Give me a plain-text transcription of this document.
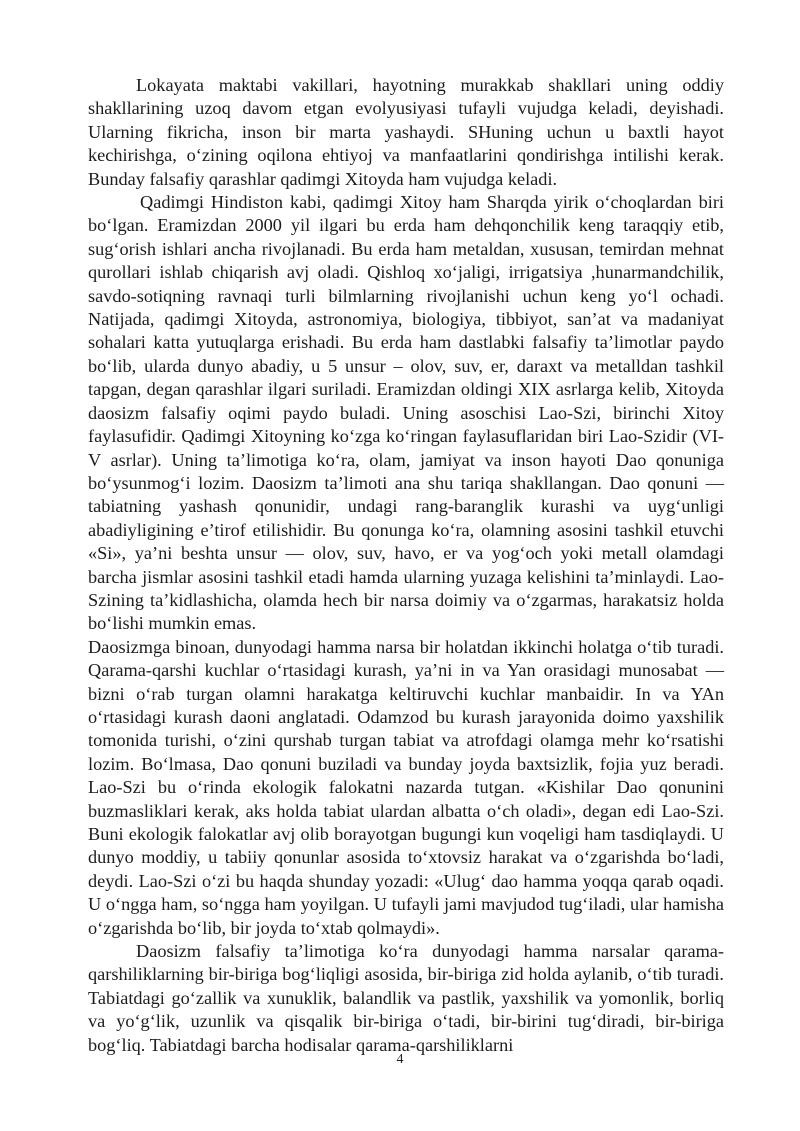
Lokayata maktabi vakillari, hayotning murakkab shakllari uning oddiy shakllarining uzoq davom etgan evolyusiyasi tufayli vujudga keladi, deyishadi. Ularning fikricha, inson bir marta yashaydi. SHuning uchun u baxtli hayot kechirishga, o‘zining oqilona ehtiyoj va manfaatlarini qondirishga intilishi kerak. Bunday falsafiy qarashlar qadimgi Xitoyda ham vujudga keladi.

Qadimgi Hindiston kabi, qadimgi Xitoy ham Sharqda yirik o‘choqlardan biri bo‘lgan. Eramizdan 2000 yil ilgari bu erda ham dehqonchilik keng taraqqiy etib, sug‘orish ishlari ancha rivojlanadi. Bu erda ham metaldan, xususan, temirdan mehnat qurollari ishlab chiqarish avj oladi. Qishloq xo‘jaligi, irrigatsiya ,hunarmandchilik, savdo-sotiqning ravnaqi turli bilmlarning rivojlanishi uchun keng yo‘l ochadi. Natijada, qadimgi Xitoyda, astronomiya, biologiya, tibbiyot, san’at va madaniyat sohalari katta yutuqlarga erishadi. Bu erda ham dastlabki falsafiy ta’limotlar paydo bo‘lib, ularda dunyo abadiy, u 5 unsur – olov, suv, er, daraxt va metalldan tashkil tapgan, degan qarashlar ilgari suriladi. Eramizdan oldingi XIX asrlarga kelib, Xitoyda daosizm falsafiy oqimi paydo buladi. Uning asoschisi Lao-Szi, birinchi Xitoy faylasufidir. Qadimgi Xitoyning ko‘zga ko‘ringan faylasuflaridan biri Lao-Szidir (VI-V asrlar). Uning ta’limotiga ko‘ra, olam, jamiyat va inson hayoti Dao qonuniga bo‘ysunmog‘i lozim. Daosizm ta’limoti ana shu tariqa shakllangan. Dao qonuni — tabiatning yashash qonunidir, undagi rang-baranglik kurashi va uyg‘unligi abadiyligining e’tirof etilishidir. Bu qonunga ko‘ra, olamning asosini tashkil etuvchi «Si», ya’ni beshta unsur — olov, suv, havo, er va yog‘och yoki metall olamdagi barcha jismlar asosini tashkil etadi hamda ularning yuzaga kelishini ta’minlaydi. Lao-Szining ta’kidlashicha, olamda hech bir narsa doimiy va o‘zgarmas, harakatsiz holda bo‘lishi mumkin emas.

Daosizmga binoan, dunyodagi hamma narsa bir holatdan ikkinchi holatga o‘tib turadi. Qarama-qarshi kuchlar o‘rtasidagi kurash, ya’ni in va Yan orasidagi munosabat — bizni o‘rab turgan olamni harakatga keltiruvchi kuchlar manbaidir. In va YAn o‘rtasidagi kurash daoni anglatadi. Odamzod bu kurash jarayonida doimo yaxshilik tomonida turishi, o‘zini qurshab turgan tabiat va atrofdagi olamga mehr ko‘rsatishi lozim. Bo‘lmasa, Dao qonuni buziladi va bunday joyda baxtsizlik, fojia yuz beradi. Lao-Szi bu o‘rinda ekologik falokatni nazarda tutgan. «Kishilar Dao qonunini buzmasliklari kerak, aks holda tabiat ulardan albatta o‘ch oladi», degan edi Lao-Szi. Buni ekologik falokatlar avj olib borayotgan bugungi kun voqeligi ham tasdiqlaydi. U dunyo moddiy, u tabiiy qonunlar asosida to‘xtovsiz harakat va o‘zgarishda bo‘ladi, deydi. Lao-Szi o‘zi bu haqda shunday yozadi: «Ulug‘ dao hamma yoqqa qarab oqadi. U o‘ngga ham, so‘ngga ham yoyilgan. U tufayli jami mavjudod tug‘iladi, ular hamisha o‘zgarishda bo‘lib, bir joyda to‘xtab qolmaydi».

Daosizm falsafiy ta’limotiga ko‘ra dunyodagi hamma narsalar qarama-qarshiliklarning bir-biriga bog‘liqligi asosida, bir-biriga zid holda aylanib, o‘tib turadi. Tabiatdagi go‘zallik va xunuklik, balandlik va pastlik, yaxshilik va yomonlik, borliq va yo‘g‘lik, uzunlik va qisqalik bir-biriga o‘tadi, bir-birini tug‘diradi, bir-biriga bog‘liq. Tabiatdagi barcha hodisalar qarama-qarshiliklarni

4
